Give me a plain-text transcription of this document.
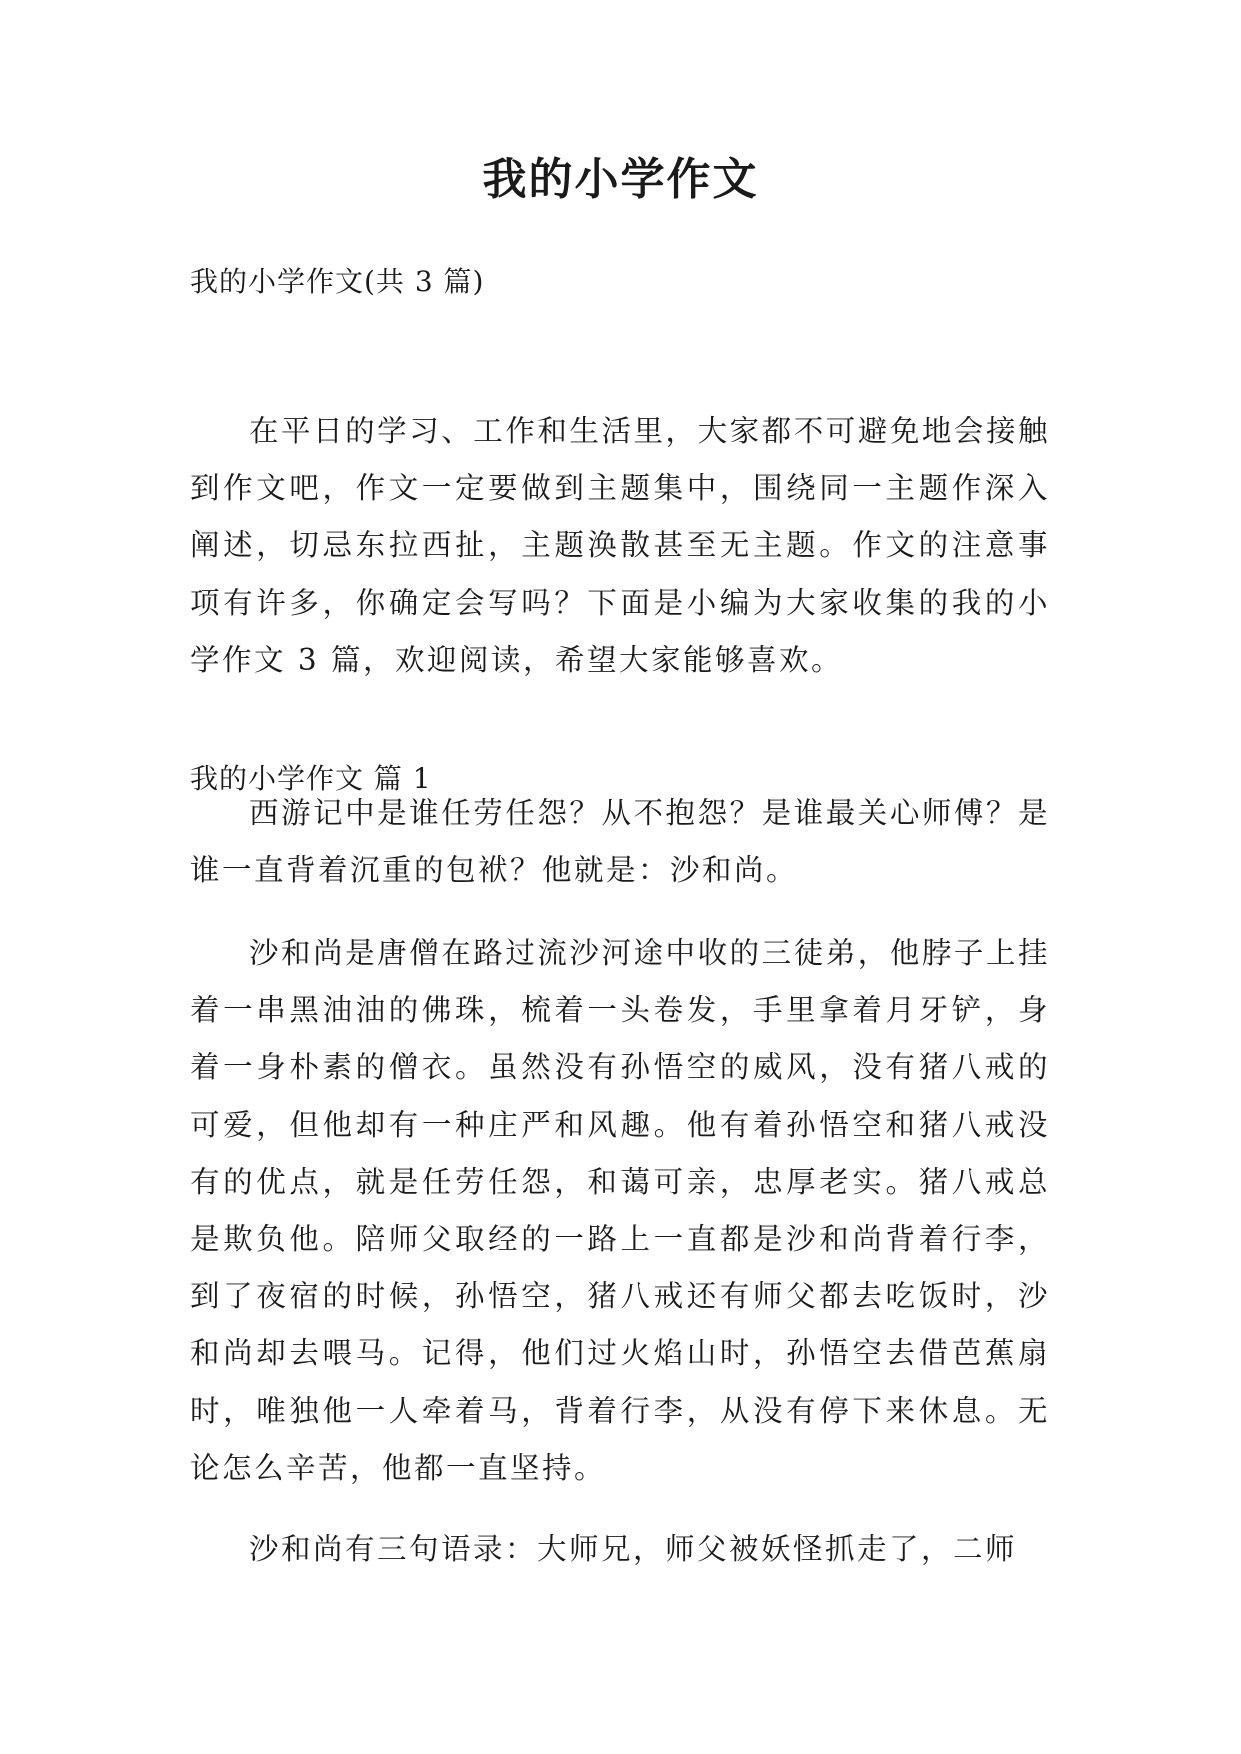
我的小学作文

我的小学作文(共 3 篇)

在平日的学习、工作和生活里，大家都不可避免地会接触到作文吧，作文一定要做到主题集中，围绕同一主题作深入阐述，切忌东拉西扯，主题涣散甚至无主题。作文的注意事项有许多，你确定会写吗？下面是小编为大家收集的我的小学作文 3 篇，欢迎阅读，希望大家能够喜欢。

我的小学作文 篇 1

西游记中是谁任劳任怨？从不抱怨？是谁最关心师傅？是谁一直背着沉重的包袱？他就是：沙和尚。

沙和尚是唐僧在路过流沙河途中收的三徒弟，他脖子上挂着一串黑油油的佛珠，梳着一头卷发，手里拿着月牙铲，身着一身朴素的僧衣。虽然没有孙悟空的威风，没有猪八戒的可爱，但他却有一种庄严和风趣。他有着孙悟空和猪八戒没有的优点，就是任劳任怨，和蔼可亲，忠厚老实。猪八戒总是欺负他。陪师父取经的一路上一直都是沙和尚背着行李，到了夜宿的时候，孙悟空，猪八戒还有师父都去吃饭时，沙和尚却去喂马。记得，他们过火焰山时，孙悟空去借芭蕉扇时，唯独他一人牵着马，背着行李，从没有停下来休息。无论怎么辛苦，他都一直坚持。

沙和尚有三句语录：大师兄，师父被妖怪抓走了，二师
